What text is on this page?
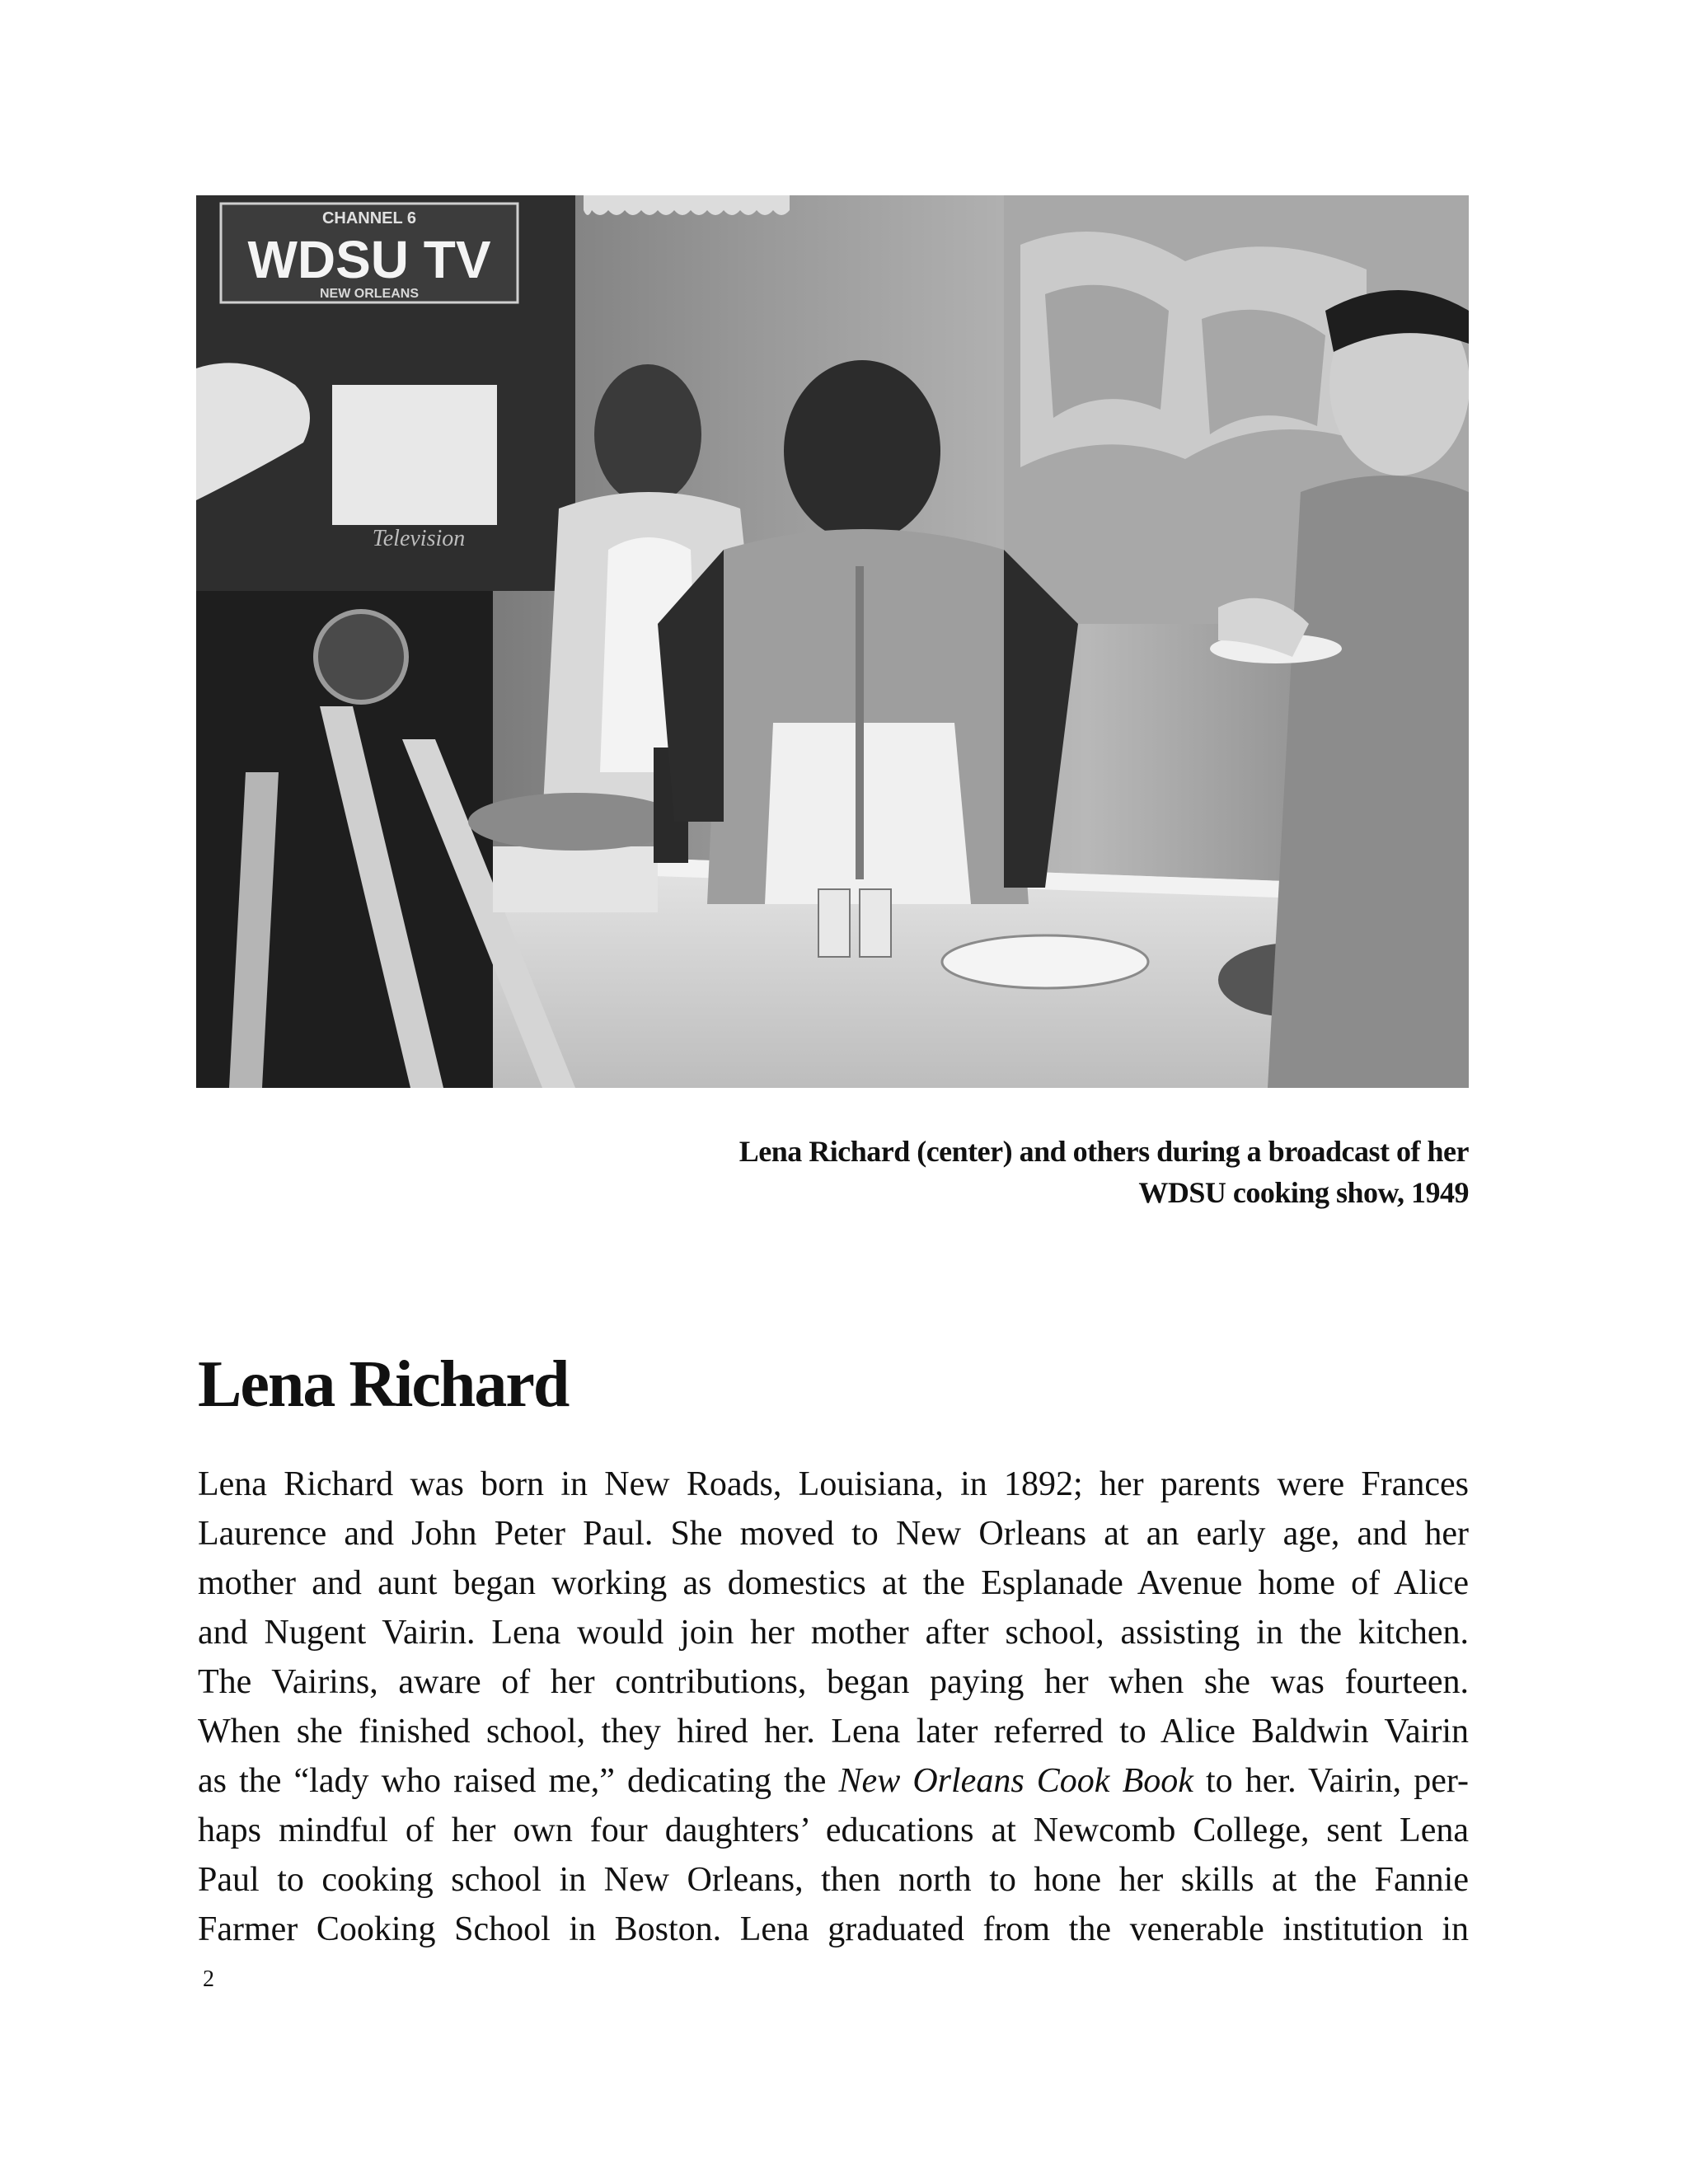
CHANNEL 6
WDSU TV
NEW ORLEANS
Television
Lena Richard (center) and others during a broadcast of her
WDSU cooking show, 1949
Lena Richard
Lena Richard was born in New Roads, Louisiana, in 1892; her parents were Frances
Laurence and John Peter Paul. She moved to New Orleans at an early age, and her
mother and aunt began working as domestics at the Esplanade Avenue home of Alice
and Nugent Vairin. Lena would join her mother after school, assisting in the kitchen.
The Vairins, aware of her contributions, began paying her when she was fourteen.
When she finished school, they hired her. Lena later referred to Alice Baldwin Vairin
as the “lady who raised me,” dedicating the New Orleans Cook Book to her. Vairin, per-
haps mindful of her own four daughters’ educations at Newcomb College, sent Lena
Paul to cooking school in New Orleans, then north to hone her skills at the Fannie
Farmer Cooking School in Boston. Lena graduated from the venerable institution in
2
